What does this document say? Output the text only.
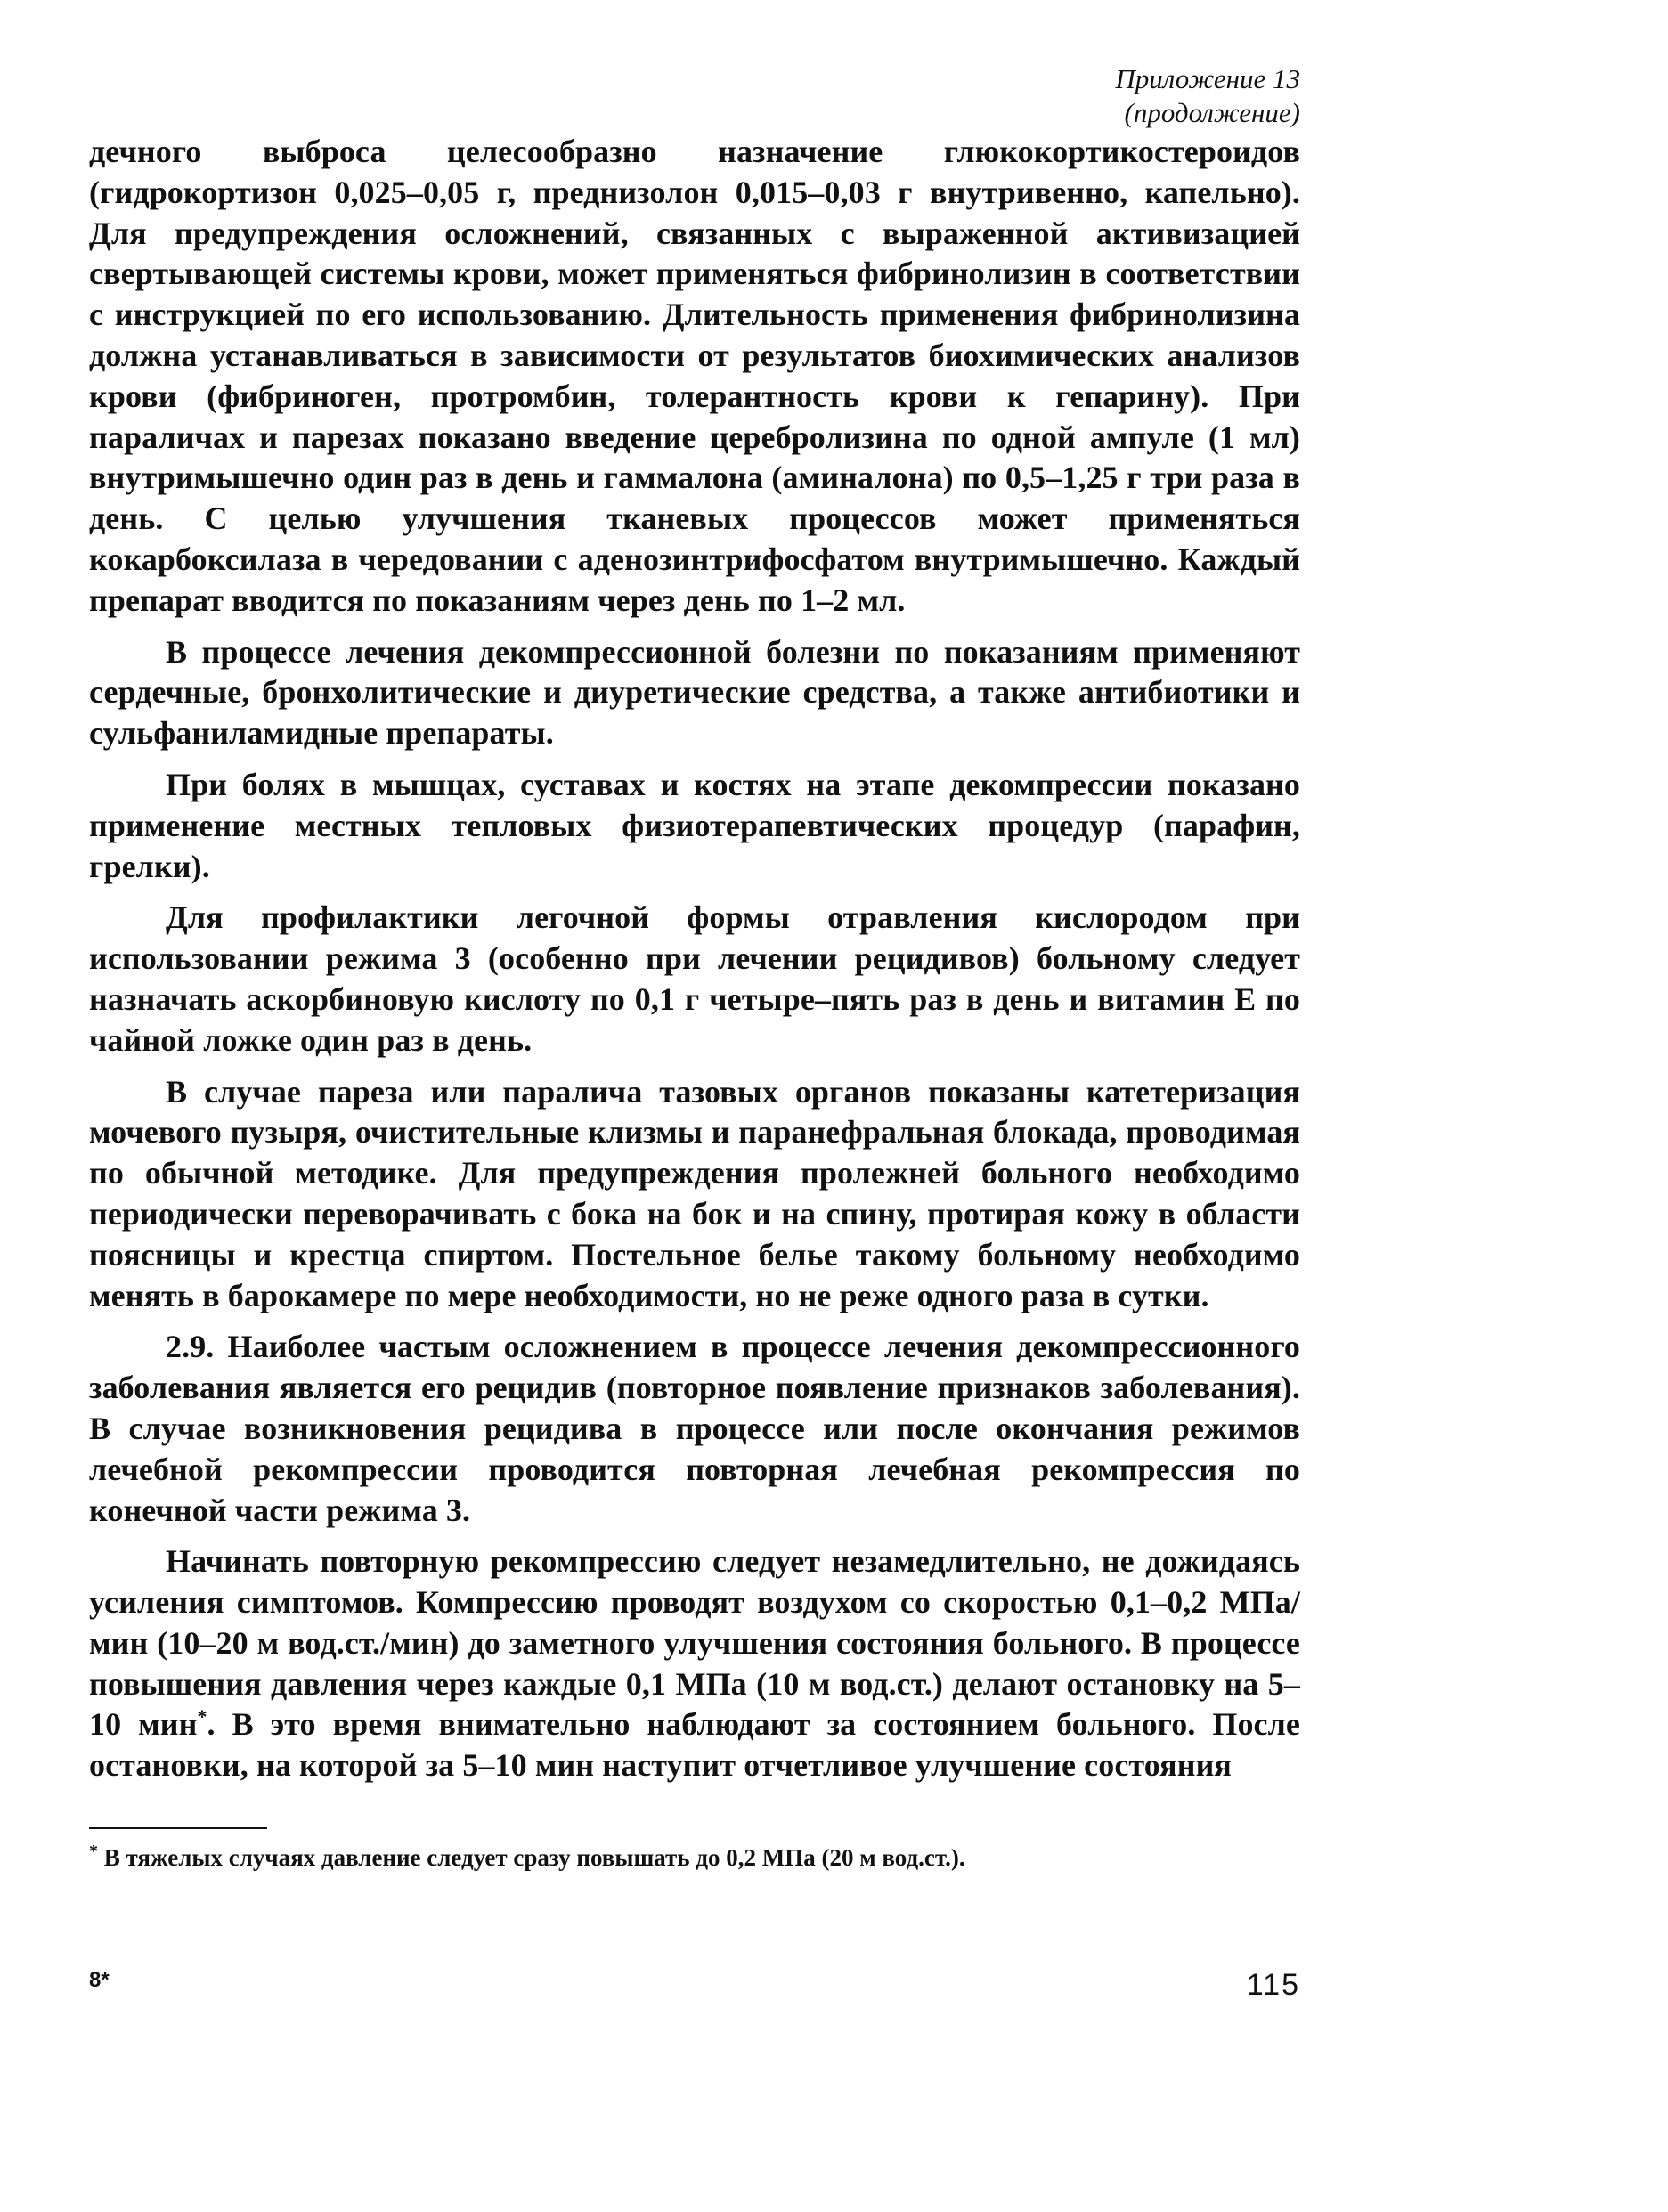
Приложение 13
(продолжение)

дечного выброса целесообразно назначение глюкокортикостероидов (гидрокортизон 0,025–0,05 г, преднизолон 0,015–0,03 г внутривенно, капельно). Для предупреждения осложнений, связанных с выраженной активизацией свертывающей системы крови, может применяться фибринолизин в соответствии с инструкцией по его использованию. Длительность применения фибринолизина должна устанавливаться в зависимости от результатов биохимических анализов крови (фибриноген, протромбин, толерантность крови к гепарину). При параличах и парезах показано введение церебролизина по одной ампуле (1 мл) внутримышечно один раз в день и гаммалона (аминалона) по 0,5–1,25 г три раза в день. С целью улучшения тканевых процессов может применяться кокарбоксилаза в чередовании с аденозинтрифосфатом внутримышечно. Каждый препарат вводится по показаниям через день по 1–2 мл.

В процессе лечения декомпрессионной болезни по показаниям применяют сердечные, бронхолитические и диуретические средства, а также антибиотики и сульфаниламидные препараты.

При болях в мышцах, суставах и костях на этапе декомпрессии показано применение местных тепловых физиотерапевтических процедур (парафин, грелки).

Для профилактики легочной формы отравления кислородом при использовании режима 3 (особенно при лечении рецидивов) больному следует назначать аскорбиновую кислоту по 0,1 г четыре–пять раз в день и витамин Е по чайной ложке один раз в день.

В случае пареза или паралича тазовых органов показаны катетеризация мочевого пузыря, очистительные клизмы и паранефральная блокада, проводимая по обычной методике. Для предупреждения пролежней больного необходимо периодически переворачивать с бока на бок и на спину, протирая кожу в области поясницы и крестца спиртом. Постельное белье такому больному необходимо менять в барокамере по мере необходимости, но не реже одного раза в сутки.

2.9. Наиболее частым осложнением в процессе лечения декомпрессионного заболевания является его рецидив (повторное появление признаков заболевания). В случае возникновения рецидива в процессе или после окончания режимов лечебной рекомпрессии проводится повторная лечебная рекомпрессия по конечной части режима 3.

Начинать повторную рекомпрессию следует незамедлительно, не дожидаясь усиления симптомов. Компрессию проводят воздухом со скоростью 0,1–0,2 МПа/мин (10–20 м вод.ст./мин) до заметного улучшения состояния больного. В процессе повышения давления через каждые 0,1 МПа (10 м вод.ст.) делают остановку на 5–10 мин*. В это время внимательно наблюдают за состоянием больного. После остановки, на которой за 5–10 мин наступит отчетливое улучшение состояния

* В тяжелых случаях давление следует сразу повышать до 0,2 МПа (20 м вод.ст.).
8*	115
